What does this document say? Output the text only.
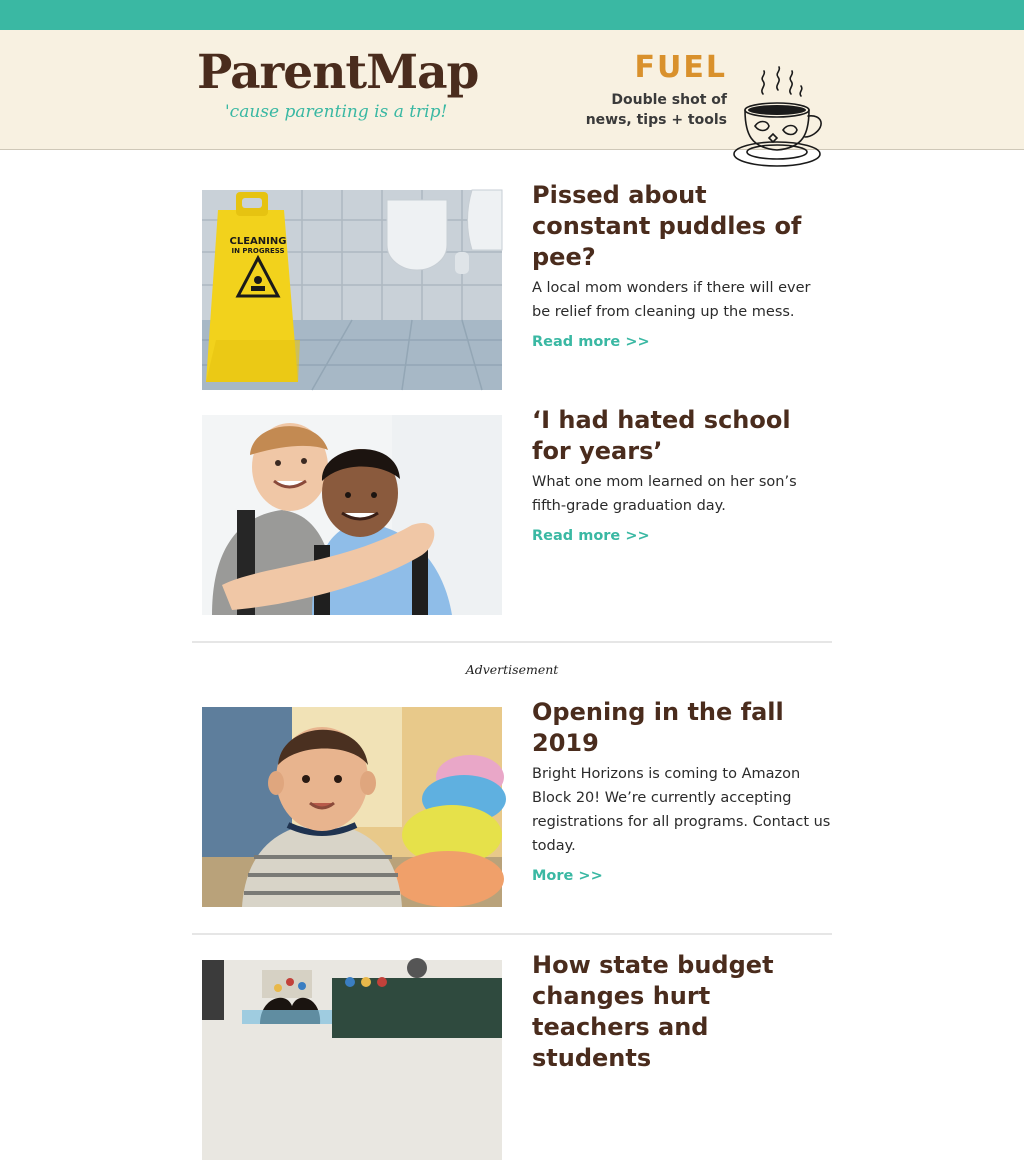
ParentMap
'cause parenting is a trip!
FUEL
Double shot of
news, tips + tools
CLEANING
IN PROGRESS
Pissed about constant puddles of pee?
A local mom wonders if there will ever be relief from cleaning up the mess.
Read more >>
‘I had hated school for years’
What one mom learned on her son’s fifth-grade graduation day.
Read more >>
Advertisement
Opening in the fall 2019
Bright Horizons is coming to Amazon Block 20! We’re currently accepting registrations for all programs. Contact us today.
More >>
How state budget changes hurt teachers and students
